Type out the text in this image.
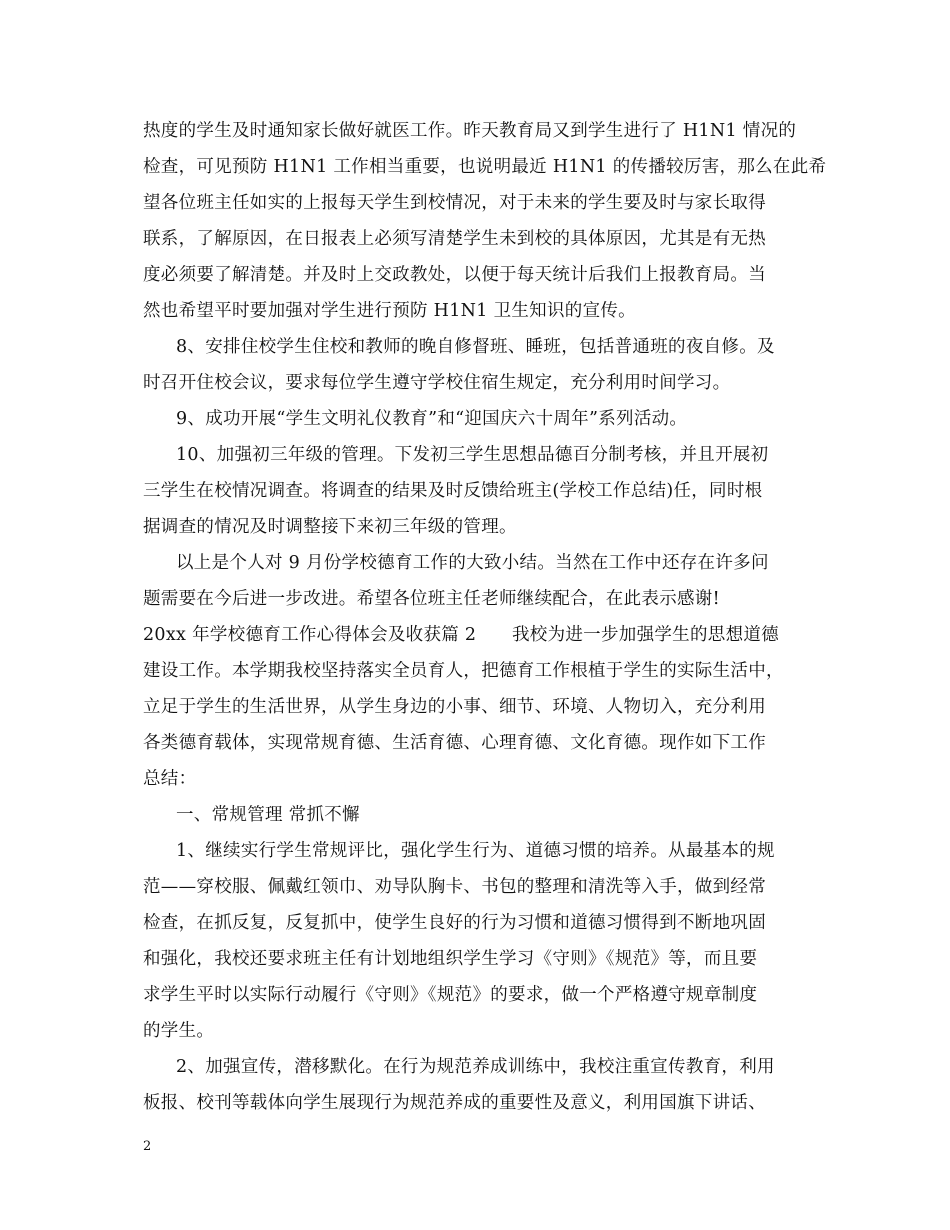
热度的学生及时通知家长做好就医工作。昨天教育局又到学生进行了 H1N1 情况的
检查，可见预防 H1N1 工作相当重要，也说明最近 H1N1 的传播较厉害，那么在此希
望各位班主任如实的上报每天学生到校情况，对于未来的学生要及时与家长取得
联系，了解原因，在日报表上必须写清楚学生未到校的具体原因，尤其是有无热
度必须要了解清楚。并及时上交政教处，以便于每天统计后我们上报教育局。当
然也希望平时要加强对学生进行预防 H1N1 卫生知识的宣传。
8、安排住校学生住校和教师的晚自修督班、睡班，包括普通班的夜自修。及
时召开住校会议，要求每位学生遵守学校住宿生规定，充分利用时间学习。
9、成功开展“学生文明礼仪教育”和“迎国庆六十周年”系列活动。
10、加强初三年级的管理。下发初三学生思想品德百分制考核，并且开展初
三学生在校情况调查。将调查的结果及时反馈给班主(学校工作总结)任，同时根
据调查的情况及时调整接下来初三年级的管理。
以上是个人对 9 月份学校德育工作的大致小结。当然在工作中还存在许多问
题需要在今后进一步改进。希望各位班主任老师继续配合，在此表示感谢!
20xx 年学校德育工作心得体会及收获篇 2　　我校为进一步加强学生的思想道德
建设工作。本学期我校坚持落实全员育人，把德育工作根植于学生的实际生活中，
立足于学生的生活世界，从学生身边的小事、细节、环境、人物切入，充分利用
各类德育载体，实现常规育德、生活育德、心理育德、文化育德。现作如下工作
总结：
一、常规管理 常抓不懈
1、继续实行学生常规评比，强化学生行为、道德习惯的培养。从最基本的规
范——穿校服、佩戴红领巾、劝导队胸卡、书包的整理和清洗等入手，做到经常
检查，在抓反复，反复抓中，使学生良好的行为习惯和道德习惯得到不断地巩固
和强化，我校还要求班主任有计划地组织学生学习《守则》《规范》等，而且要
求学生平时以实际行动履行《守则》《规范》的要求，做一个严格遵守规章制度
的学生。
2、加强宣传，潜移默化。在行为规范养成训练中，我校注重宣传教育，利用
板报、校刊等载体向学生展现行为规范养成的重要性及意义，利用国旗下讲话、
2
